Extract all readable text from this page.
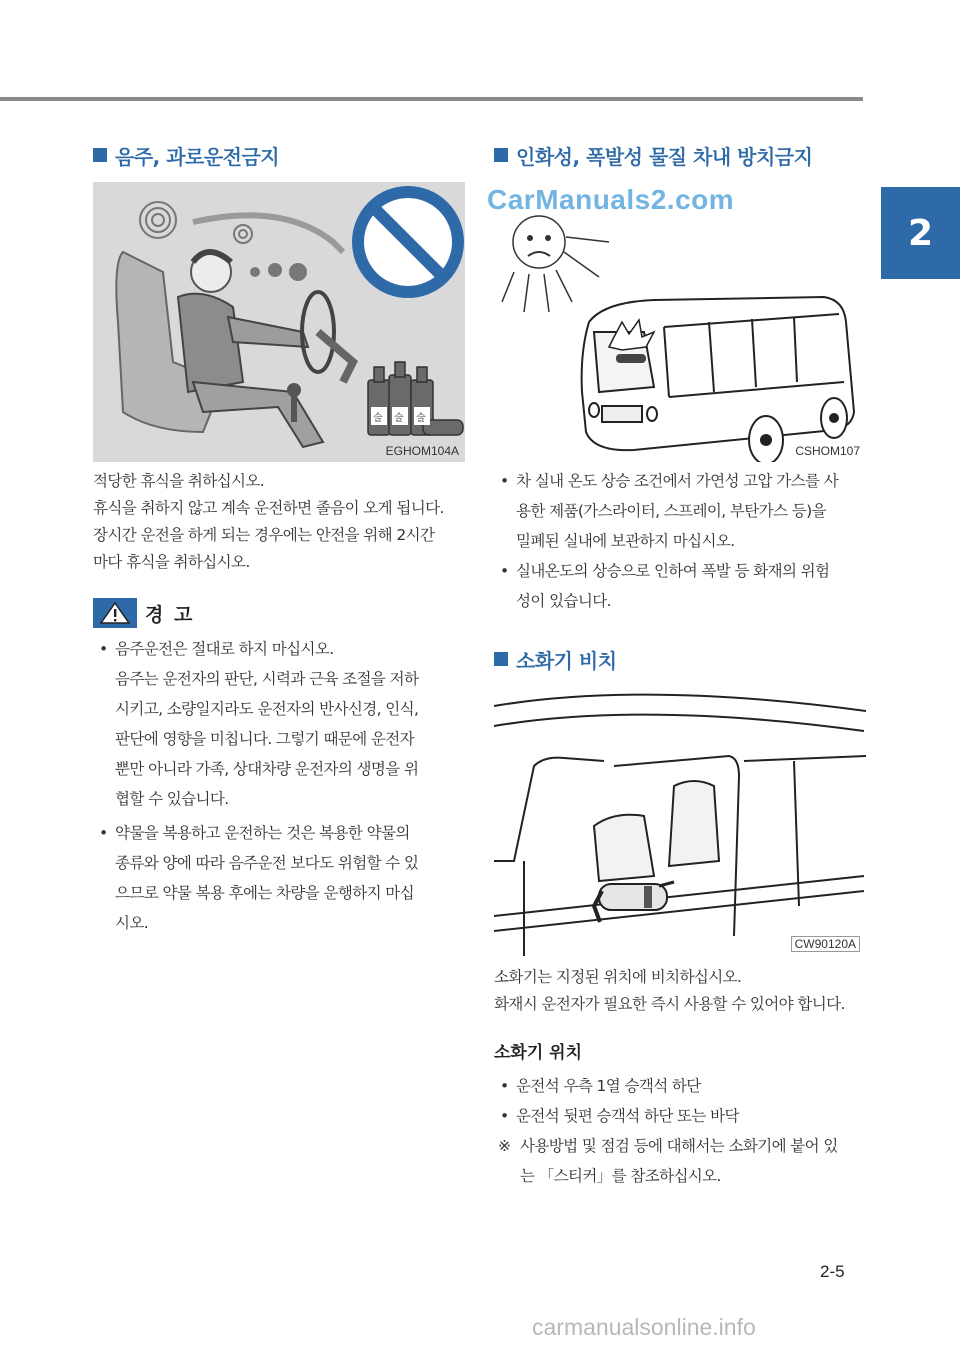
2
음주, 과로운전금지
술 술 술
EGHOM104A
적당한 휴식을 취하십시오.
휴식을 취하지 않고 계속 운전하면 졸음이 오게 됩니다.
장시간 운전을 하게 되는 경우에는 안전을 위해 2시간
마다 휴식을 취하십시오.
경 고
• 음주운전은 절대로 하지 마십시오.
음주는 운전자의 판단, 시력과 근육 조절을 저하
시키고, 소량일지라도 운전자의 반사신경, 인식,
판단에 영향을 미칩니다. 그렇기 때문에 운전자
뿐만 아니라 가족, 상대차량 운전자의 생명을 위
협할 수 있습니다.
• 약물을 복용하고 운전하는 것은 복용한 약물의
종류와 양에 따라 음주운전 보다도 위험할 수 있
으므로 약물 복용 후에는 차량을 운행하지 마십
시오.
인화성, 폭발성 물질 차내 방치금지
CSHOM107
• 차 실내 온도 상승 조건에서 가연성 고압 가스를 사
용한 제품(가스라이터, 스프레이, 부탄가스 등)을
밀폐된 실내에 보관하지 마십시오.
• 실내온도의 상승으로 인하여 폭발 등 화재의 위험
성이 있습니다.
소화기 비치
CW90120A
소화기는 지정된 위치에 비치하십시오.
화재시 운전자가 필요한 즉시 사용할 수 있어야 합니다.
소화기 위치
• 운전석 우측 1열 승객석 하단
• 운전석 뒷편 승객석 하단 또는 바닥
※ 사용방법 및 점검 등에 대해서는 소화기에 붙어 있
는 「스티커」를 참조하십시오.
CarManuals2.com
2-5
carmanualsonline.info
